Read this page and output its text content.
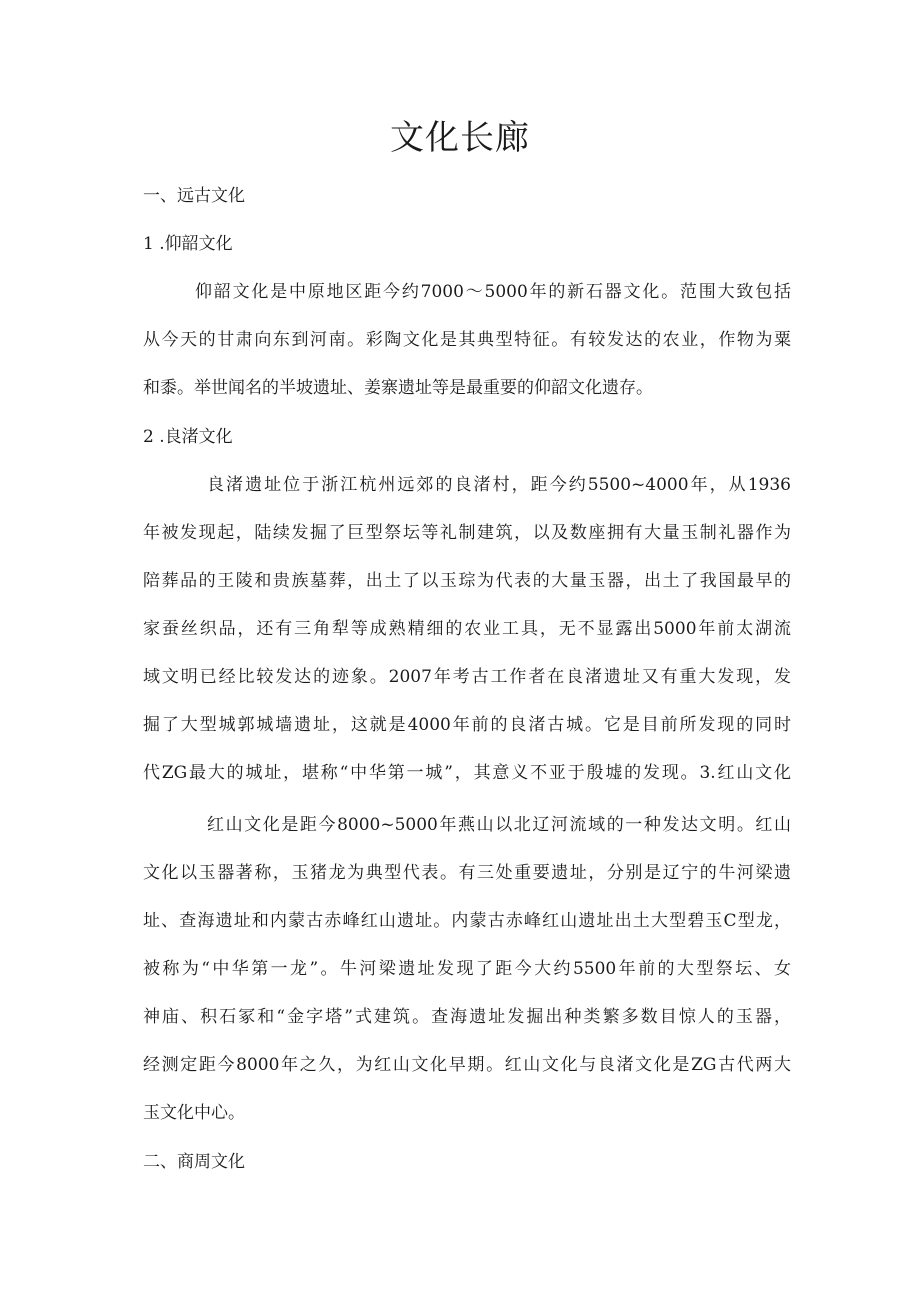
文化长廊
一、远古文化
1 .仰韶文化
仰韶文化是中原地区距今约7000〜5000年的新石器文化。范围大致包括
从今天的甘肃向东到河南。彩陶文化是其典型特征。有较发达的农业，作物为粟
和黍。举世闻名的半坡遗址、姜寨遗址等是最重要的仰韶文化遗存。
2 .良渚文化
良渚遗址位于浙江杭州远郊的良渚村，距今约5500~4000年，从1936
年被发现起，陆续发掘了巨型祭坛等礼制建筑，以及数座拥有大量玉制礼器作为
陪葬品的王陵和贵族墓葬，出土了以玉琮为代表的大量玉器，出土了我国最早的
家蚕丝织品，还有三角犁等成熟精细的农业工具，无不显露出5000年前太湖流
域文明已经比较发达的迹象。2007年考古工作者在良渚遗址又有重大发现，发
掘了大型城郭城墙遗址，这就是4000年前的良渚古城。它是目前所发现的同时
代ZG最大的城址，堪称“中华第一城”，其意义不亚于殷墟的发现。3.红山文化
红山文化是距今8000~5000年燕山以北辽河流域的一种发达文明。红山
文化以玉器著称，玉猪龙为典型代表。有三处重要遗址，分别是辽宁的牛河梁遗
址、查海遗址和内蒙古赤峰红山遗址。内蒙古赤峰红山遗址出土大型碧玉C型龙，
被称为“中华第一龙”。牛河梁遗址发现了距今大约5500年前的大型祭坛、女
神庙、积石冢和“金字塔”式建筑。查海遗址发掘出种类繁多数目惊人的玉器，
经测定距今8000年之久，为红山文化早期。红山文化与良渚文化是ZG古代两大
玉文化中心。
二、商周文化
